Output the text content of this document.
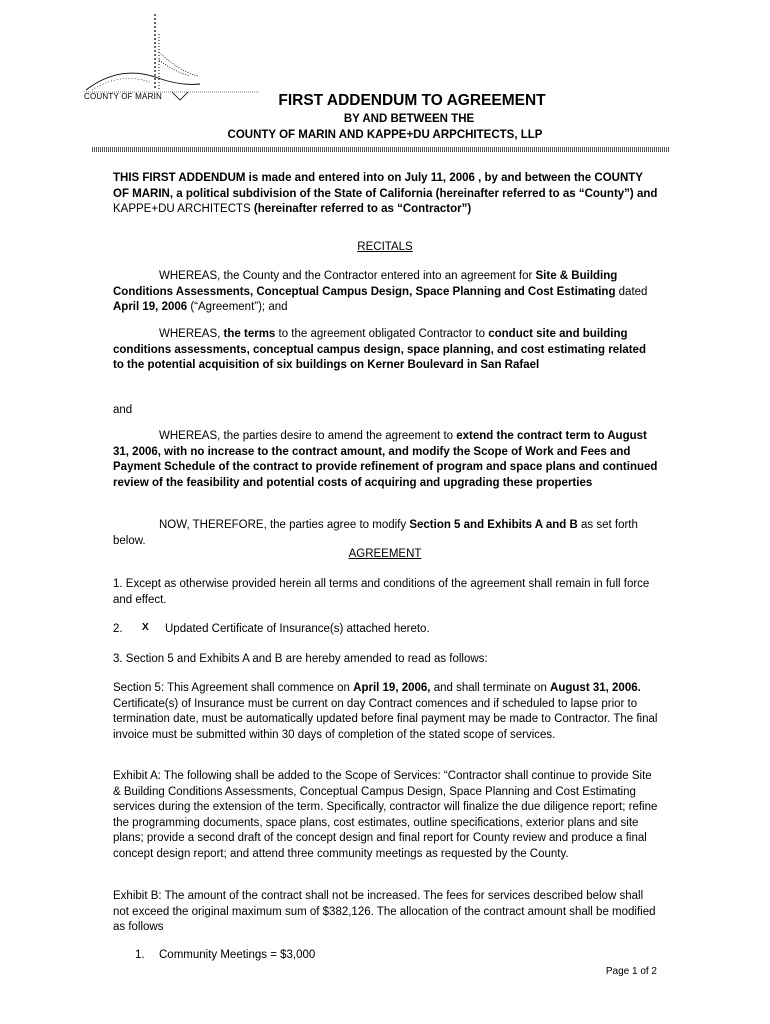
COUNTY OF MARIN	FIRST ADDENDUM TO AGREEMENT
BY AND BETWEEN THE
COUNTY OF MARIN AND KAPPE+DU ARPCHITECTS, LLP
THIS FIRST ADDENDUM is made and entered into on July 11, 2006 , by and between the COUNTY OF MARIN, a political subdivision of the State of California (hereinafter referred to as “County”) and KAPPE+DU ARCHITECTS (hereinafter referred to as “Contractor”)
RECITALS
WHEREAS, the County and the Contractor entered into an agreement for Site & Building Conditions Assessments, Conceptual Campus Design, Space Planning and Cost Estimating dated April 19, 2006 (“Agreement”); and
WHEREAS, the terms to the agreement obligated Contractor to conduct site and building conditions assessments, conceptual campus design, space planning, and cost estimating related to the potential acquisition of six buildings on Kerner Boulevard in San Rafael
and
WHEREAS, the parties desire to amend the agreement to extend the contract term to August 31, 2006, with no increase to the contract amount, and modify the Scope of Work and Fees and Payment Schedule of the contract to provide refinement of program and space plans and continued review of the feasibility and potential costs of acquiring and upgrading these properties
NOW, THEREFORE, the parties agree to modify Section 5 and Exhibits A and B as set forth below.
AGREEMENT
1. Except as otherwise provided herein all terms and conditions of the agreement shall remain in full force and effect.
2. X Updated Certificate of Insurance(s) attached hereto.
3. Section 5 and Exhibits A and B are hereby amended to read as follows:
Section 5: This Agreement shall commence on April 19, 2006, and shall terminate on August 31, 2006. Certificate(s) of Insurance must be current on day Contract comences and if scheduled to lapse prior to termination date, must be automatically updated before final payment may be made to Contractor. The final invoice must be submitted within 30 days of completion of the stated scope of services.
Exhibit A: The following shall be added to the Scope of Services: “Contractor shall continue to provide Site & Building Conditions Assessments, Conceptual Campus Design, Space Planning and Cost Estimating services during the extension of the term. Specifically, contractor will finalize the due diligence report; refine the programming documents, space plans, cost estimates, outline specifications, exterior plans and site plans; provide a second draft of the concept design and final report for County review and produce a final concept design report; and attend three community meetings as requested by the County.
Exhibit B: The amount of the contract shall not be increased. The fees for services described below shall not exceed the original maximum sum of $382,126. The allocation of the contract amount shall be modified as follows
1. Community Meetings = $3,000
Page 1 of 2
